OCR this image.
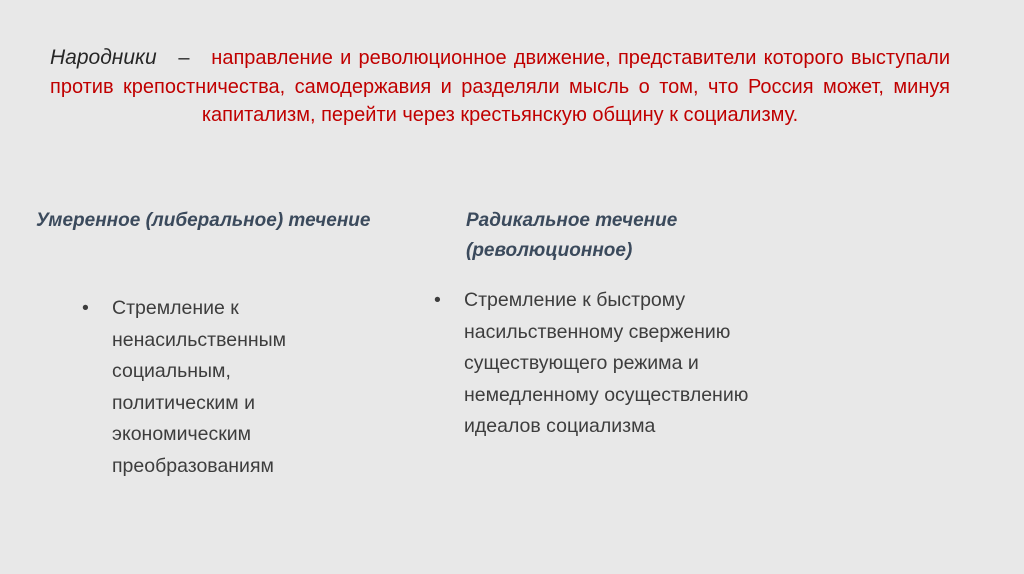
Народники – направление и революционное движение, представители которого выступали против крепостничества, самодержавия и разделяли мысль о том, что Россия может, минуя капитализм, перейти через крестьянскую общину к социализму.

Умеренное (либеральное) течение	Радикальное течение (революционное)
• Стремление к ненасильственным социальным, политическим и экономическим преобразованиям
• Стремление к быстрому насильственному свержению существующего режима и немедленному осуществлению идеалов социализма
